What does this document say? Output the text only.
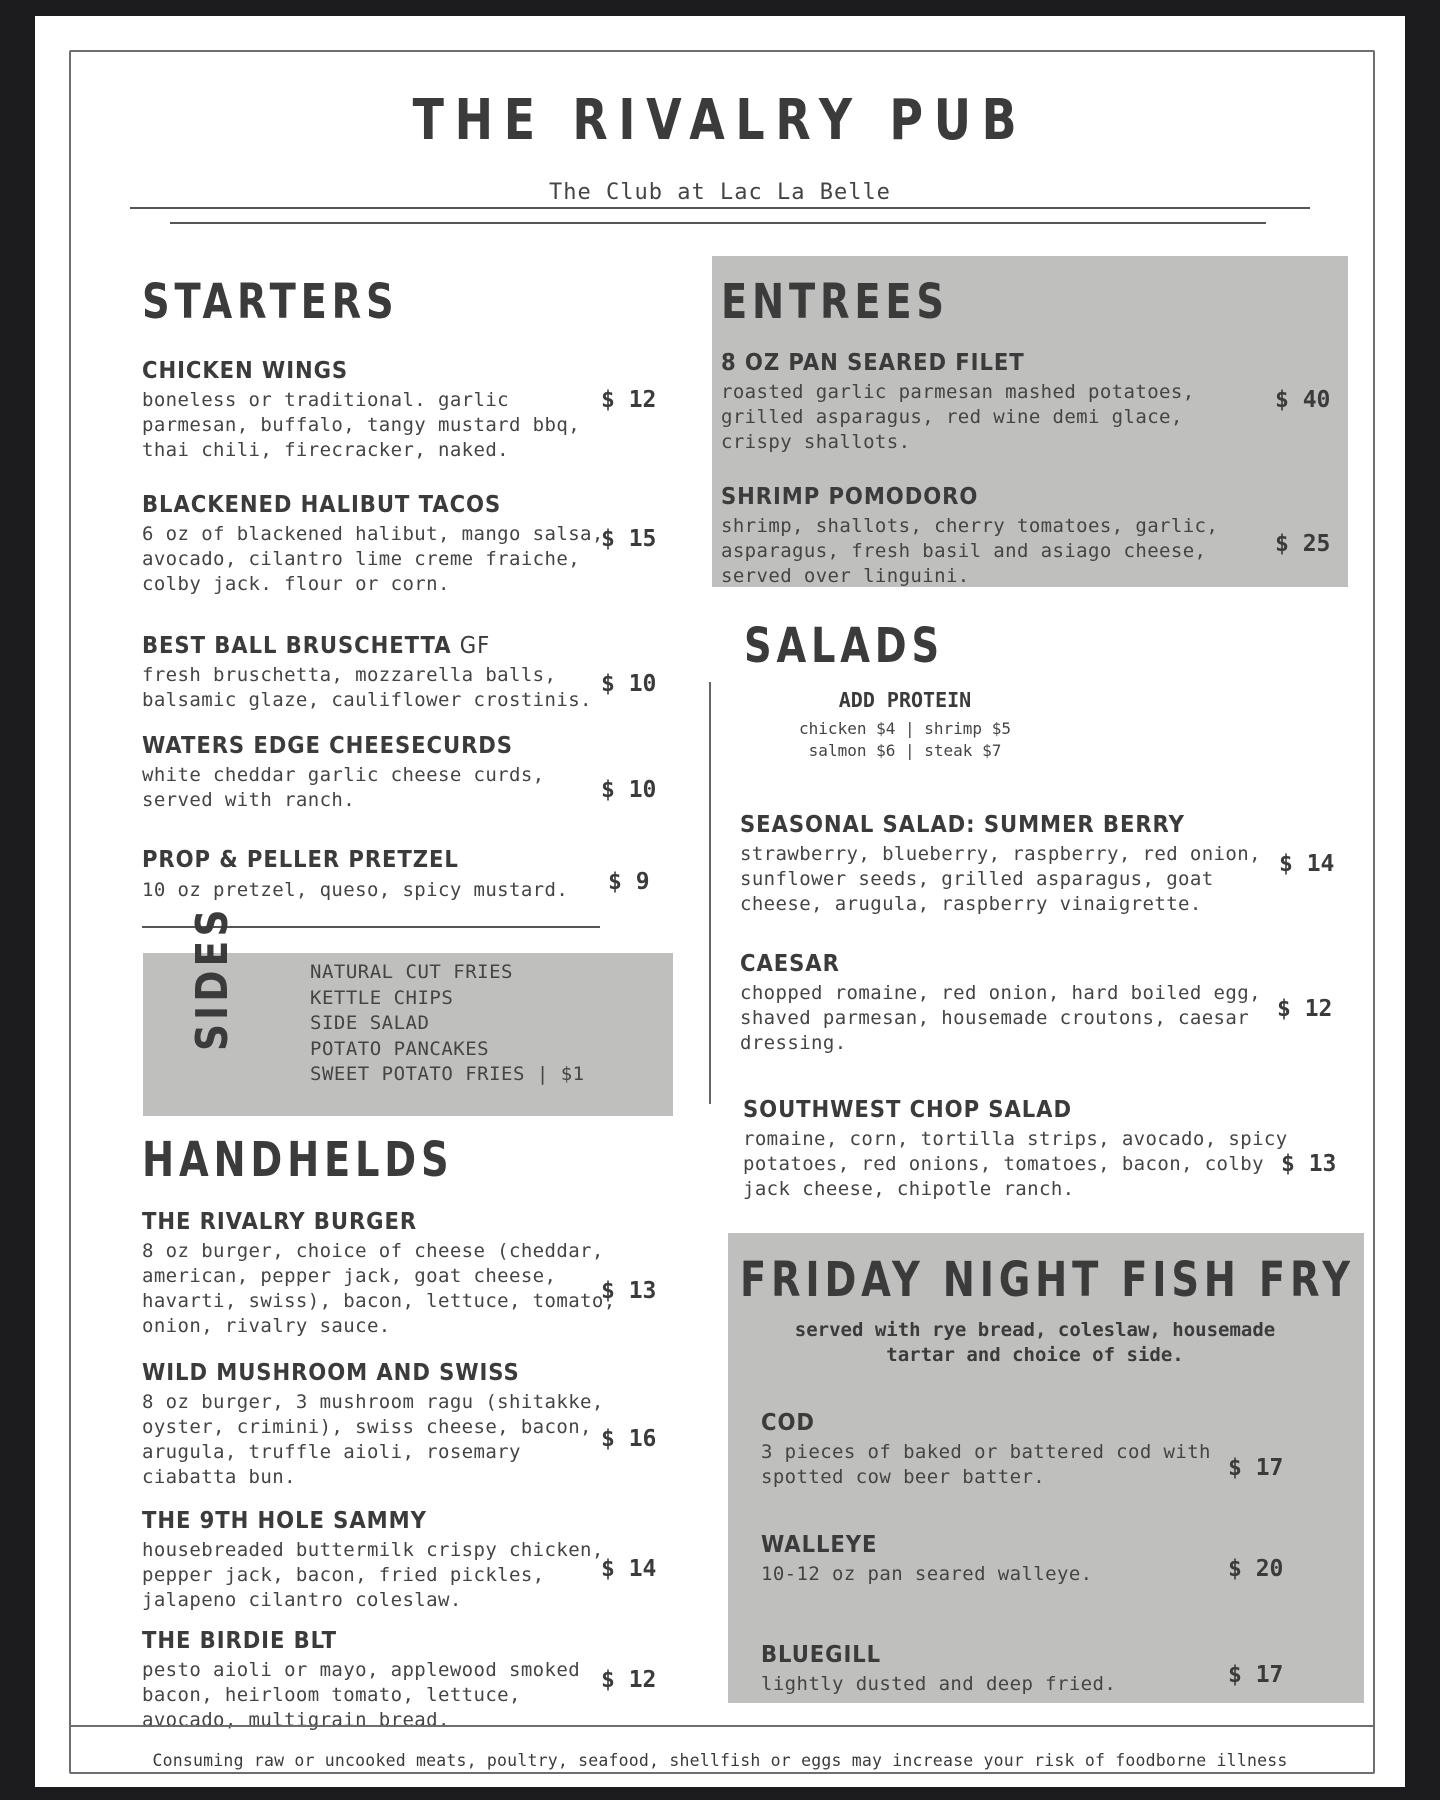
THE RIVALRY PUB
The Club at Lac La Belle
STARTERS
CHICKEN WINGS
boneless or traditional. garlic
parmesan, buffalo, tangy mustard bbq,
thai chili, firecracker, naked.
$ 12
BLACKENED HALIBUT TACOS
6 oz of blackened halibut, mango salsa,
avocado, cilantro lime creme fraiche,
colby jack. flour or corn.
$ 15
BEST BALL BRUSCHETTA GF
fresh bruschetta, mozzarella balls,
balsamic glaze, cauliflower crostinis.
$ 10
WATERS EDGE CHEESECURDS
white cheddar garlic cheese curds,
served with ranch.	$ 10
PROP & PELLER PRETZEL
10 oz pretzel, queso, spicy mustard. $ 9
SIDES	NATURAL CUT FRIES
KETTLE CHIPS
SIDE SALAD
POTATO PANCAKES
SWEET POTATO FRIES | $1
HANDHELDS
THE RIVALRY BURGER
8 oz burger, choice of cheese (cheddar,
american, pepper jack, goat cheese,
havarti, swiss), bacon, lettuce, tomato,
onion, rivalry sauce.
$ 13
WILD MUSHROOM AND SWISS
8 oz burger, 3 mushroom ragu (shitakke,
oyster, crimini), swiss cheese, bacon,
arugula, truffle aioli, rosemary
ciabatta bun.
$ 16
THE 9TH HOLE SAMMY
housebreaded buttermilk crispy chicken,
pepper jack, bacon, fried pickles,
jalapeno cilantro coleslaw.
$ 14
THE BIRDIE BLT
pesto aioli or mayo, applewood smoked
bacon, heirloom tomato, lettuce,
avocado, multigrain bread.
$ 12
ENTREES
8 OZ PAN SEARED FILET
roasted garlic parmesan mashed potatoes,
grilled asparagus, red wine demi glace,
crispy shallots.
$ 40
SHRIMP POMODORO
shrimp, shallots, cherry tomatoes, garlic,
asparagus, fresh basil and asiago cheese,
served over linguini.
$ 25
SALADS
ADD PROTEIN
chicken $4 | shrimp $5
salmon $6 | steak $7
SEASONAL SALAD: SUMMER BERRY
strawberry, blueberry, raspberry, red onion,
sunflower seeds, grilled asparagus, goat
cheese, arugula, raspberry vinaigrette.
$ 14
CAESAR
chopped romaine, red onion, hard boiled egg,
shaved parmesan, housemade croutons, caesar
dressing.
$ 12
SOUTHWEST CHOP SALAD
romaine, corn, tortilla strips, avocado, spicy
potatoes, red onions, tomatoes, bacon, colby
jack cheese, chipotle ranch.
$ 13
FRIDAY NIGHT FISH FRY
served with rye bread, coleslaw, housemade
tartar and choice of side.
COD
3 pieces of baked or battered cod with
spotted cow beer batter.	$ 17
WALLEYE
10-12 oz pan seared walleye.	$ 20
BLUEGILL
lightly dusted and deep fried.	$ 17
Consuming raw or uncooked meats, poultry, seafood, shellfish or eggs may increase your risk of foodborne illness
